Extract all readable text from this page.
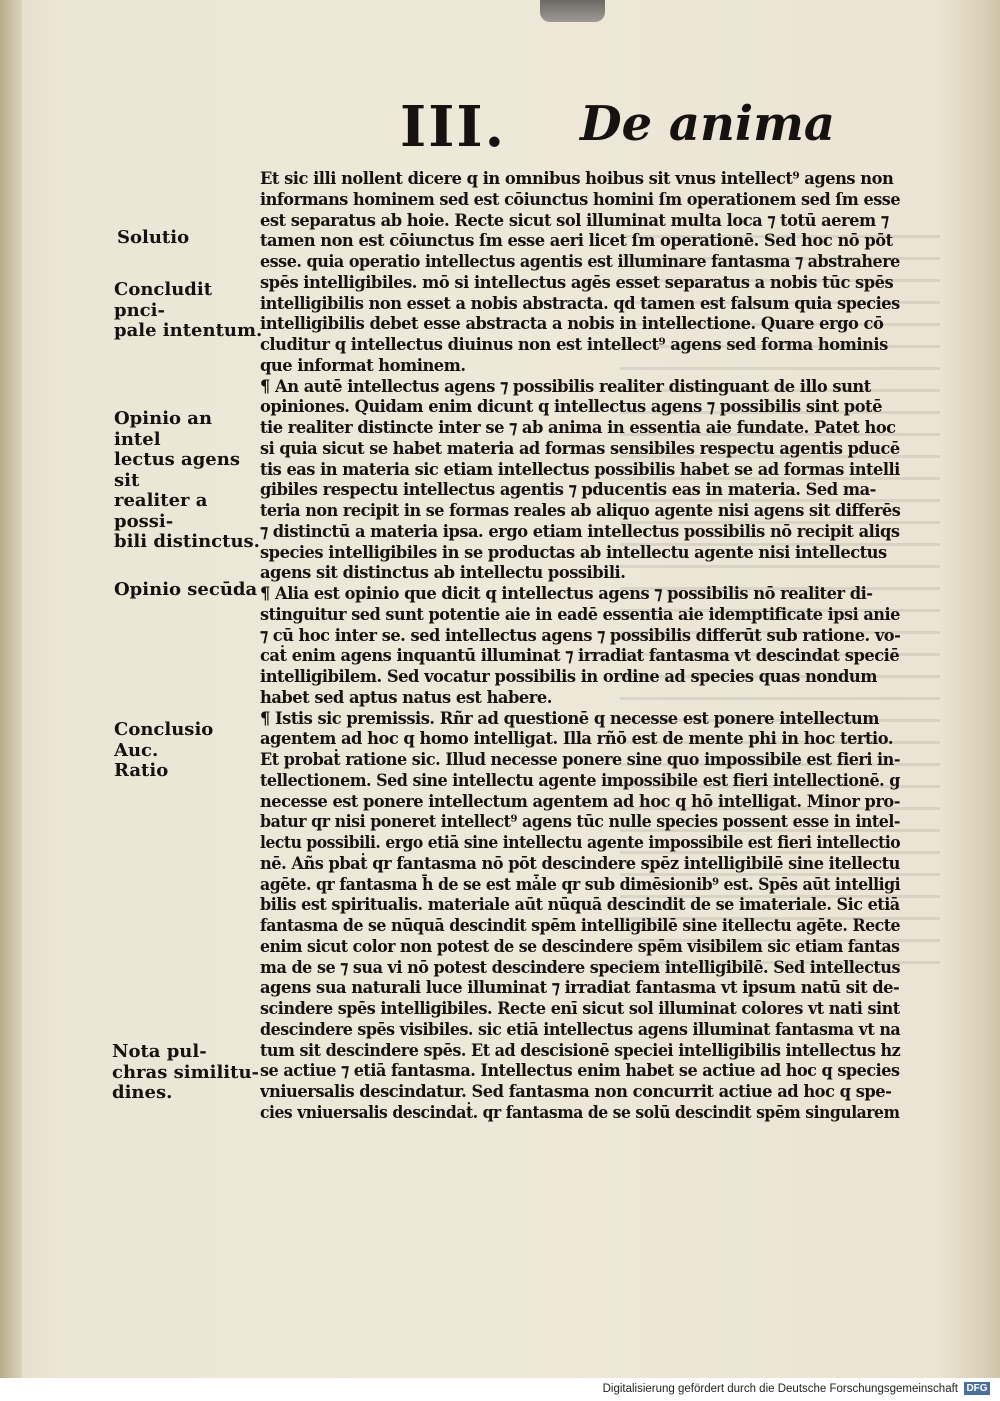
III. De anima
Solutio
Concludit pnci-
pale intentum.
Opinio an intel
lectus agens sit
realiter a possi-
bili distinctus.
Opinio secūda
Conclusio
Auc.
Ratio
Nota pul-
chras similitu-
dines.
Et sic illi nollent dicere q in omnibus hoibus sit vnus intellect⁹ agens non
informans hominem sed est cōiunctus homini ſm operationem sed ſm esse
est separatus ab hoie. Recte sicut sol illuminat multa loca ⁊ totū aerem ⁊
tamen non est cōiunctus ſm esse aeri licet ſm operationē. Sed hoc nō pōt
esse. quia operatio intellectus agentis est illuminare fantasma ⁊ abstrahere
spēs intelligibiles. mō si intellectus agēs esset separatus a nobis tūc spēs
intelligibilis non esset a nobis abstracta. qd tamen est falsum quia species
intelligibilis debet esse abstracta a nobis in intellectione. Quare ergo cō
cluditur q intellectus diuinus non est intellect⁹ agens sed forma hominis
que informat hominem.
¶ An autē intellectus agens ⁊ possibilis realiter distinguant de illo sunt
opiniones. Quidam enim dicunt q intellectus agens ⁊ possibilis sint potē
tie realiter distincte inter se ⁊ ab anima in essentia aie fundate. Patet hoc
si quia sicut se habet materia ad formas sensibiles respectu agentis pducē
tis eas in materia sic etiam intellectus possibilis habet se ad formas intelli
gibiles respectu intellectus agentis ⁊ pducentis eas in materia. Sed ma-
teria non recipit in se formas reales ab aliquo agente nisi agens sit differēs
⁊ distinctū a materia ipsa. ergo etiam intellectus possibilis nō recipit aliqs
species intelligibiles in se productas ab intellectu agente nisi intellectus
agens sit distinctus ab intellectu possibili.
¶ Alia est opinio que dicit q intellectus agens ⁊ possibilis nō realiter di-
stinguitur sed sunt potentie aie in eadē essentia aie idemptificate ipsi anie
⁊ cū hoc inter se. sed intellectus agens ⁊ possibilis differūt sub ratione. vo-
caṫ enim agens inquantū illuminat ⁊ irradiat fantasma vt descindat speciē
intelligibilem. Sed vocatur possibilis in ordine ad species quas nondum
habet sed aptus natus est habere.
¶ Istis sic premissis. Rñr ad questionē q necesse est ponere intellectum
agentem ad hoc q homo intelligat. Illa rñō est de mente phi in hoc tertio.
Et probaṫ ratione sic. Illud necesse ponere sine quo impossibile est fieri in-
tellectionem. Sed sine intellectu agente impossibile est fieri intellectionē. g
necesse est ponere intellectum agentem ad hoc q hō intelligat. Minor pro-
batur qr nisi poneret intellect⁹ agens tūc nulle species possent esse in intel-
lectu possibili. ergo etiā sine intellectu agente impossibile est fieri intellectio
nē. Añs pbaṫ qr fantasma nō pōt descindere spēz intelligibilē sine itellectu
agēte. qr fantasma h̄ de se est mǡle qr sub dimēsionib⁹ est. Spēs aūt intelligi
bilis est spiritualis. materiale aūt nūquā descindit de se imateriale. Sic etiā
fantasma de se nūquā descindit spēm intelligibilē sine itellectu agēte. Recte
enim sicut color non potest de se descindere spēm visibilem sic etiam fantas
ma de se ⁊ sua vi nō potest descindere speciem intelligibilē. Sed intellectus
agens sua naturali luce illuminat ⁊ irradiat fantasma vt ipsum natū sit de-
scindere spēs intelligibiles. Recte enī sicut sol illuminat colores vt nati sint
descindere spēs visibiles. sic etiā intellectus agens illuminat fantasma vt na
tum sit descindere spēs. Et ad descisionē speciei intelligibilis intellectus hz
se actiue ⁊ etiā fantasma. Intellectus enim habet se actiue ad hoc q species
vniuersalis descindatur. Sed fantasma non concurrit actiue ad hoc q spe-
cies vniuersalis descindaṫ. qr fantasma de se solū descindit spēm singularem
Digitalisierung gefördert durch die Deutsche Forschungsgemeinschaft DFG
